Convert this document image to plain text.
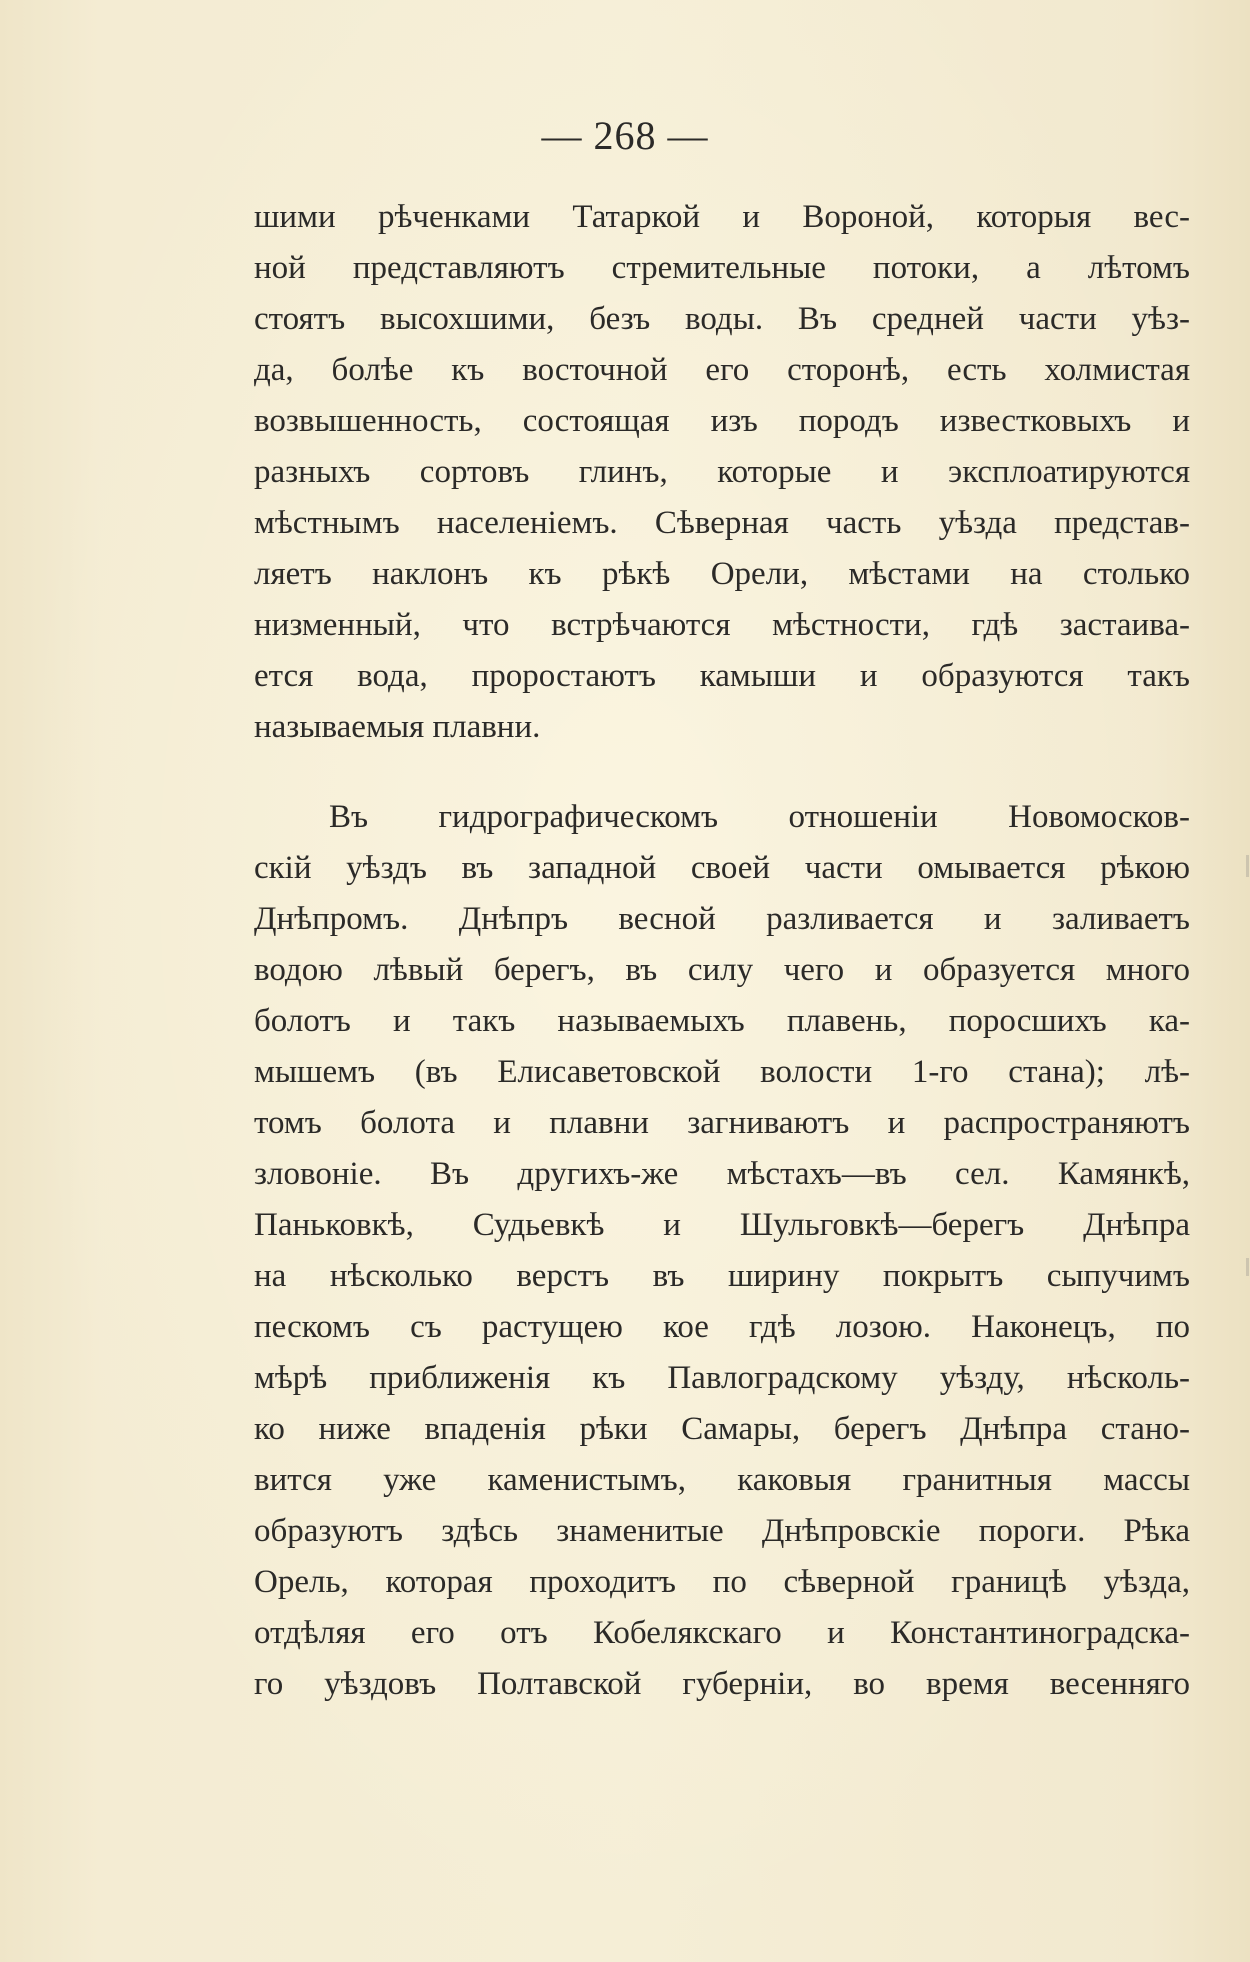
— 268 —
шими рѣченками Татаркой и Вороной, которыя вес-
ной представляютъ стремительные потоки, а лѣтомъ
стоятъ высохшими, безъ воды. Въ средней части уѣз-
да, болѣе къ восточной его сторонѣ, есть холмистая
возвышенность, состоящая изъ породъ известковыхъ и
разныхъ сортовъ глинъ, которые и эксплоатируются
мѣстнымъ населеніемъ. Сѣверная часть уѣзда представ-
ляетъ наклонъ къ рѣкѣ Орели, мѣстами на столько
низменный, что встрѣчаются мѣстности, гдѣ застаива-
ется вода, проростаютъ камыши и образуются такъ
называемыя плавни.
Въ гидрографическомъ отношеніи Новомосков-
скій уѣздъ въ западной своей части омывается рѣкою
Днѣпромъ. Днѣпръ весной разливается и заливаетъ
водою лѣвый берегъ, въ силу чего и образуется много
болотъ и такъ называемыхъ плавень, поросшихъ ка-
мышемъ (въ Елисаветовской волости 1-го стана); лѣ-
томъ болота и плавни загниваютъ и распространяютъ
зловоніе. Въ другихъ-же мѣстахъ—въ сел. Камянкѣ,
Паньковкѣ, Судьевкѣ и Шульговкѣ—берегъ Днѣпра
на нѣсколько верстъ въ ширину покрытъ сыпучимъ
пескомъ съ растущею кое гдѣ лозою. Наконецъ, по
мѣрѣ приближенія къ Павлоградскому уѣзду, нѣсколь-
ко ниже впаденія рѣки Самары, берегъ Днѣпра стано-
вится уже каменистымъ, каковыя гранитныя массы
образуютъ здѣсь знаменитые Днѣпровскіе пороги. Рѣка
Орель, которая проходитъ по сѣверной границѣ уѣзда,
отдѣляя его отъ Кобелякскаго и Константиноградска-
го уѣздовъ Полтавской губерніи, во время весенняго
